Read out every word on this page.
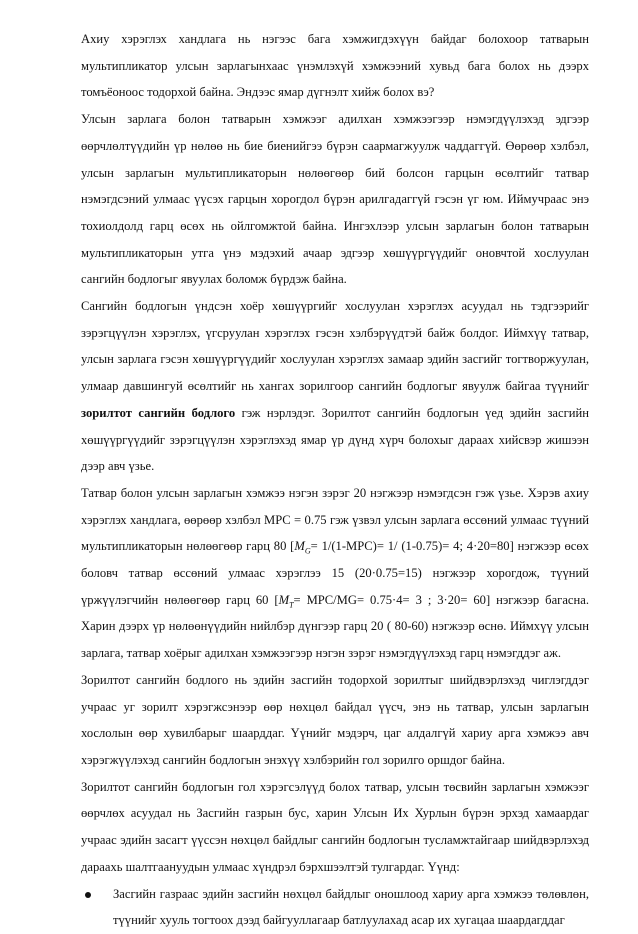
Ахиу хэрэглэх хандлага нь нэгээс бага хэмжигдэхүүн байдаг болохоор татварын мультипликатор улсын зарлагынхаас үнэмлэхүй хэмжээний хувьд бага болох нь дээрх томъёоноос тодорхой байна. Эндээс ямар дүгнэлт хийж болох вэ?

Улсын зарлага болон татварын хэмжээг адилхан хэмжээгээр нэмэгдүүлэхэд эдгээр өөрчлөлтүүдийн үр нөлөө нь бие биенийгээ бүрэн саармагжуулж чаддаггүй. Өөрөөр хэлбэл, улсын зарлагын мультипликаторын нөлөөгөөр бий болсон гарцын өсөлтийг татвар нэмэгдсэний улмаас үүсэх гарцын хорогдол бүрэн арилгадаггүй гэсэн үг юм. Иймучраас энэ тохиолдолд гарц өсөх нь ойлгомжтой байна. Ингэхлээр улсын зарлагын болон татварын мультипликаторын утга үнэ мэдэхий ачаар эдгээр хөшүүргүүдийг оновчтой хослуулан сангийн бодлогыг явуулах боломж бүрдэж байна.

Сангийн бодлогын үндсэн хоёр хөшүүргийг хослуулан хэрэглэх асуудал нь тэдгээрийг зэрэгцүүлэн хэрэглэх, үгсруулан хэрэглэх гэсэн хэлбэрүүдтэй байж болдог. Иймхүү татвар, улсын зарлага гэсэн хөшүүргүүдийг хослуулан хэрэглэх замаар эдийн засгийг тогтворжуулан, улмаар давшингуй өсөлтийг нь хангах зорилгоор сангийн бодлогыг явуулж байгаа түүнийг зорилтот сангийн бодлого гэж нэрлэдэг. Зорилтот сангийн бодлогын үед эдийн засгийн хөшүүргүүдийг зэрэгцүүлэн хэрэглэхэд ямар үр дүнд хүрч болохыг дараах хийсвэр жишээн дээр авч үзье.

Татвар болон улсын зарлагын хэмжээ нэгэн зэрэг 20 нэгжээр нэмэгдсэн гэж үзье. Хэрэв ахиу хэрэглэх хандлага, өөрөөр хэлбэл MPC = 0.75 гэж үзвэл улсын зарлага өссөний улмаас түүний мультипликаторын нөлөөгөөр гарц 80 [$M_G= 1/(1-MPC)= 1/$ (1-0.75)= 4; 4·20=80] нэгжээр өсөх боловч татвар өссөний улмаас хэрэглээ 15 (20·0.75=15) нэгжээр хорогдож, түүний үржүүлэгчийн нөлөөгөөр гарц 60 [$M_T= MPC/MG= 0.75\cdot 4= 3$ ; 3·20= 60] нэгжээр багасна. Харин дээрх үр нөлөөнүүдийн нийлбэр дүнгээр гарц 20 ( 80-60) нэгжээр өснө. Иймхүү улсын зарлага, татвар хоёрыг адилхан хэмжээгээр нэгэн зэрэг нэмэгдүүлэхэд гарц нэмэгддэг аж.

Зорилтот сангийн бодлого нь эдийн засгийн тодорхой зорилтыг шийдвэрлэхэд чиглэгддэг учраас уг зорилт хэрэгжсэнээр өөр нөхцөл байдал үүсч, энэ нь татвар, улсын зарлагын хослолын өөр хувилбарыг шаарддаг. Үүнийг мэдэрч, цаг алдалгүй хариу арга хэмжээ авч хэрэгжүүлэхэд сангийн бодлогын энэхүү хэлбэрийн гол зорилго оршдог байна.

Зорилтот сангийн бодлогын гол хэрэгсэлүүд болох татвар, улсын төсвийн зарлагын хэмжээг өөрчлөх асуудал нь Засгийн газрын бус, харин Улсын Их Хурлын бүрэн эрхэд хамаардаг учраас эдийн засагт үүссэн нөхцөл байдлыг сангийн бодлогын тусламжтайгаар шийдвэрлэхэд дараахь шалтгаануудын улмаас хүндрэл бэрхшээлтэй тулгардаг. Үүнд:

Засгийн газраас эдийн засгийн нөхцөл байдлыг оношлоод хариу арга хэмжээ төлөвлөн, түүнийг хууль тогтоох дээд байгууллагаар батлуулахад асар их хугацаа шаардагддаг
